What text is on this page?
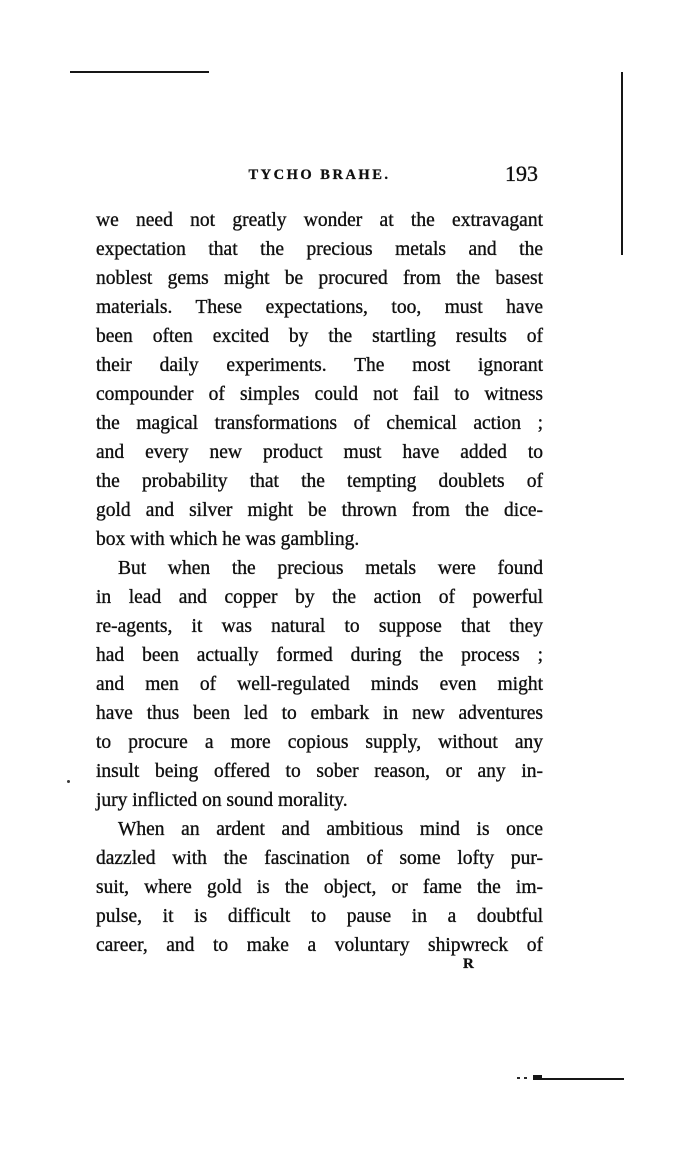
TYCHO BRAHE.	193
we need not greatly wonder at the extravagant
expectation that the precious metals and the
noblest gems might be procured from the basest
materials. These expectations, too, must have
been often excited by the startling results of
their daily experiments. The most ignorant
compounder of simples could not fail to witness
the magical transformations of chemical action ;
and every new product must have added to
the probability that the tempting doublets of
gold and silver might be thrown from the dice-
box with which he was gambling.
But when the precious metals were found
in lead and copper by the action of powerful
re-agents, it was natural to suppose that they
had been actually formed during the process ;
and men of well-regulated minds even might
have thus been led to embark in new adventures
to procure a more copious supply, without any
insult being offered to sober reason, or any in-
jury inflicted on sound morality.
When an ardent and ambitious mind is once
dazzled with the fascination of some lofty pur-
suit, where gold is the object, or fame the im-
pulse, it is difficult to pause in a doubtful
career, and to make a voluntary shipwreck of
R
